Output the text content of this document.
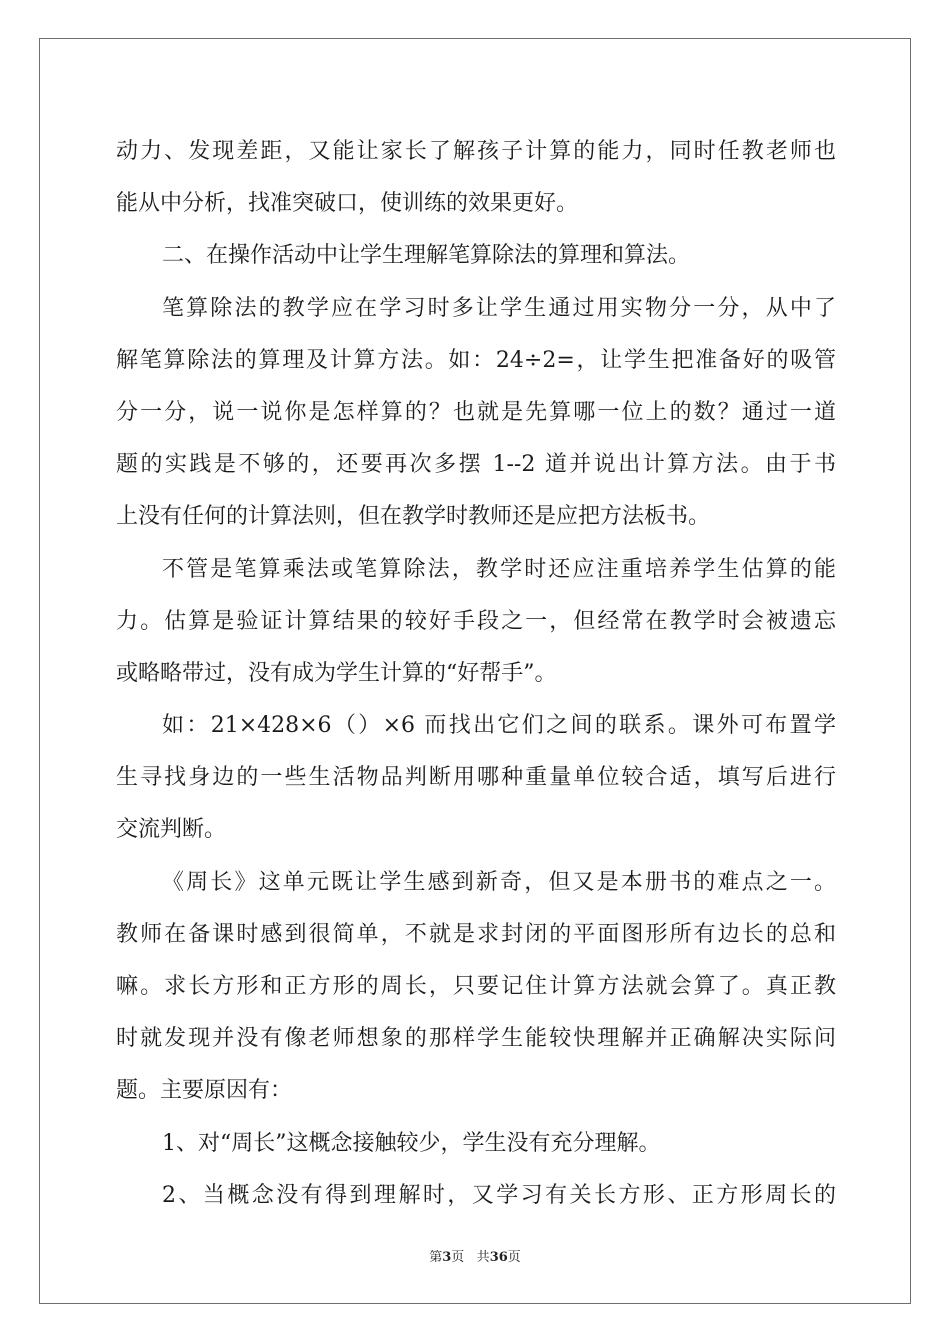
动力、发现差距，又能让家长了解孩子计算的能力，同时任教老师也
能从中分析，找准突破口，使训练的效果更好。
二、在操作活动中让学生理解笔算除法的算理和算法。
笔算除法的教学应在学习时多让学生通过用实物分一分，从中了
解笔算除法的算理及计算方法。如：24÷2=，让学生把准备好的吸管
分一分，说一说你是怎样算的？也就是先算哪一位上的数？通过一道
题的实践是不够的，还要再次多摆 1--2 道并说出计算方法。由于书
上没有任何的计算法则，但在教学时教师还是应把方法板书。
不管是笔算乘法或笔算除法，教学时还应注重培养学生估算的能
力。估算是验证计算结果的较好手段之一，但经常在教学时会被遗忘
或略略带过，没有成为学生计算的“好帮手”。
如：21×428×6（）×6 而找出它们之间的联系。课外可布置学
生寻找身边的一些生活物品判断用哪种重量单位较合适，填写后进行
交流判断。
《周长》这单元既让学生感到新奇，但又是本册书的难点之一。
教师在备课时感到很简单，不就是求封闭的平面图形所有边长的总和
嘛。求长方形和正方形的周长，只要记住计算方法就会算了。真正教
时就发现并没有像老师想象的那样学生能较快理解并正确解决实际问
题。主要原因有：
1、对“周长”这概念接触较少，学生没有充分理解。
2、当概念没有得到理解时，又学习有关长方形、正方形周长的
第3页 共36页
